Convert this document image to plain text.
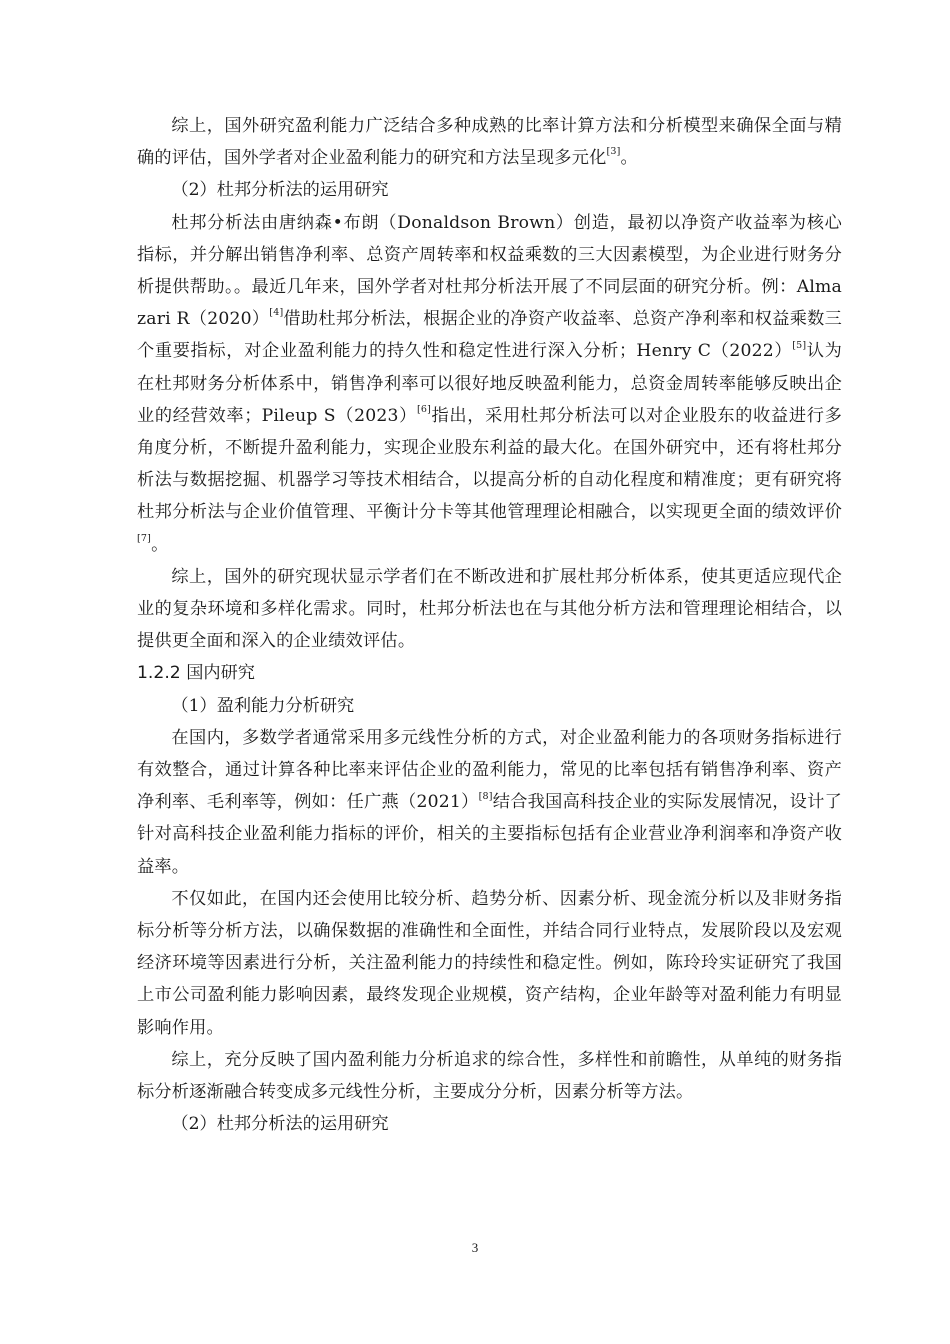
综上，国外研究盈利能力广泛结合多种成熟的比率计算方法和分析模型来确保全面与精确的评估，国外学者对企业盈利能力的研究和方法呈现多元化[3]。

（2）杜邦分析法的运用研究

杜邦分析法由唐纳森•布朗（Donaldson Brown）创造，最初以净资产收益率为核心指标，并分解出销售净利率、总资产周转率和权益乘数的三大因素模型，为企业进行财务分析提供帮助。。最近几年来，国外学者对杜邦分析法开展了不同层面的研究分析。例：Almazari R（2020）[4]借助杜邦分析法，根据企业的净资产收益率、总资产净利率和权益乘数三个重要指标，对企业盈利能力的持久性和稳定性进行深入分析；Henry C（2022）[5]认为在杜邦财务分析体系中，销售净利率可以很好地反映盈利能力，总资金周转率能够反映出企业的经营效率；Pileup S（2023）[6]指出，采用杜邦分析法可以对企业股东的收益进行多角度分析，不断提升盈利能力，实现企业股东利益的最大化。在国外研究中，还有将杜邦分析法与数据挖掘、机器学习等技术相结合，以提高分析的自动化程度和精准度；更有研究将杜邦分析法与企业价值管理、平衡计分卡等其他管理理论相融合，以实现更全面的绩效评价[7]。

综上，国外的研究现状显示学者们在不断改进和扩展杜邦分析体系，使其更适应现代企业的复杂环境和多样化需求。同时，杜邦分析法也在与其他分析方法和管理理论相结合，以提供更全面和深入的企业绩效评估。

1.2.2 国内研究

（1）盈利能力分析研究

在国内，多数学者通常采用多元线性分析的方式，对企业盈利能力的各项财务指标进行有效整合，通过计算各种比率来评估企业的盈利能力，常见的比率包括有销售净利率、资产净利率、毛利率等，例如：任广燕（2021）[8]结合我国高科技企业的实际发展情况，设计了针对高科技企业盈利能力指标的评价，相关的主要指标包括有企业营业净利润率和净资产收益率。

不仅如此，在国内还会使用比较分析、趋势分析、因素分析、现金流分析以及非财务指标分析等分析方法，以确保数据的准确性和全面性，并结合同行业特点，发展阶段以及宏观经济环境等因素进行分析，关注盈利能力的持续性和稳定性。例如，陈玲玲实证研究了我国上市公司盈利能力影响因素，最终发现企业规模，资产结构，企业年龄等对盈利能力有明显影响作用。

综上，充分反映了国内盈利能力分析追求的综合性，多样性和前瞻性，从单纯的财务指标分析逐渐融合转变成多元线性分析，主要成分分析，因素分析等方法。

（2）杜邦分析法的运用研究

3
